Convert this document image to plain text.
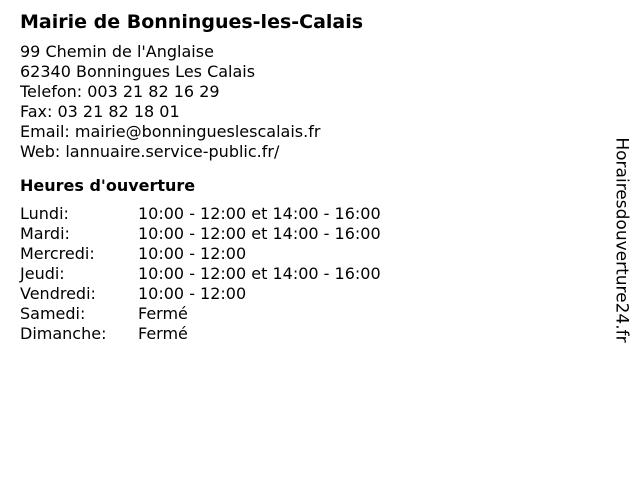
Mairie de Bonningues-les-Calais
99 Chemin de l'Anglaise
62340 Bonningues Les Calais
Telefon: 003 21 82 16 29
Fax: 03 21 82 18 01
Email: mairie@bonningueslescalais.fr
Web: lannuaire.service-public.fr/
Heures d'ouverture
Lundi:	10:00 - 12:00 et 14:00 - 16:00
Mardi:	10:00 - 12:00 et 14:00 - 16:00
Mercredi:	10:00 - 12:00
Jeudi:	10:00 - 12:00 et 14:00 - 16:00
Vendredi:	10:00 - 12:00
Samedi:	Fermé
Dimanche:	Fermé	Horairesdouverture24.fr
